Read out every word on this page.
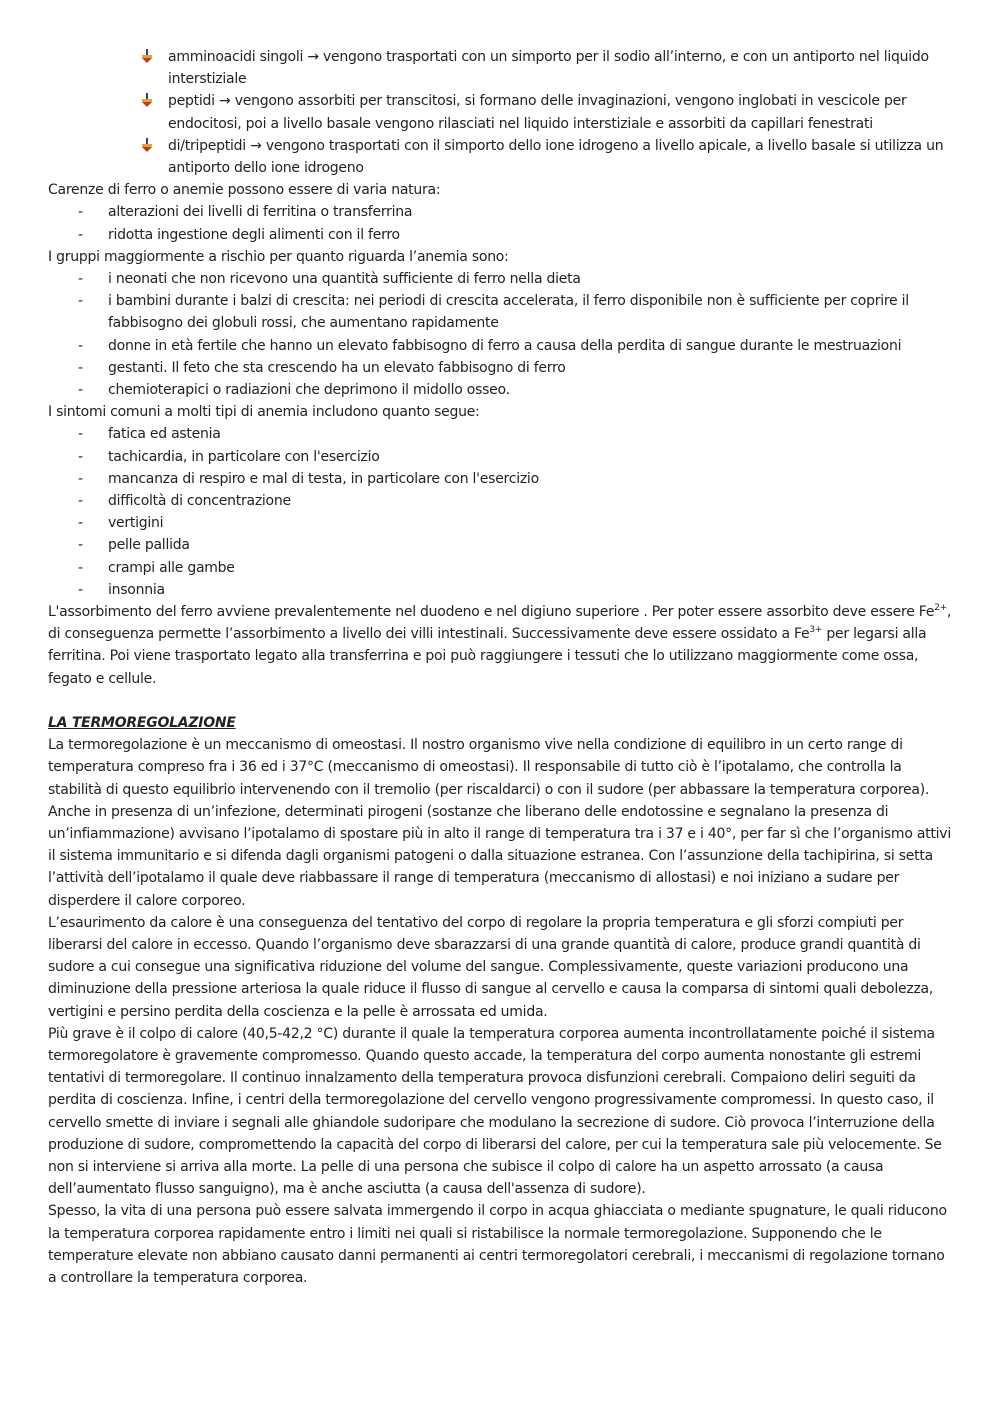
amminoacidi singoli → vengono trasportati con un simporto per il sodio all’interno, e con un antiporto nel liquido interstiziale
peptidi → vengono assorbiti per transcitosi, si formano delle invaginazioni, vengono inglobati in vescicole per endocitosi, poi a livello basale vengono rilasciati nel liquido interstiziale e assorbiti da capillari fenestrati
di/tripeptidi → vengono trasportati con il simporto dello ione idrogeno a livello apicale, a livello basale si utilizza un antiporto dello ione idrogeno

Carenze di ferro o anemie possono essere di varia natura:

-	alterazioni dei livelli di ferritina o transferrina
-	ridotta ingestione degli alimenti con il ferro

I gruppi maggiormente a rischio per quanto riguarda l’anemia sono:

-	i neonati che non ricevono una quantità sufficiente di ferro nella dieta
-	i bambini durante i balzi di crescita: nei periodi di crescita accelerata, il ferro disponibile non è sufficiente per coprire il fabbisogno dei globuli rossi, che aumentano rapidamente
-	donne in età fertile che hanno un elevato fabbisogno di ferro a causa della perdita di sangue durante le mestruazioni
-	gestanti. Il feto che sta crescendo ha un elevato fabbisogno di ferro
-	chemioterapici o radiazioni che deprimono il midollo osseo.

I sintomi comuni a molti tipi di anemia includono quanto segue:

-	fatica ed astenia
-	tachicardia, in particolare con l'esercizio
-	mancanza di respiro e mal di testa, in particolare con l'esercizio
-	difficoltà di concentrazione
-	vertigini
-	pelle pallida
-	crampi alle gambe
-	insonnia

L'assorbimento del ferro avviene prevalentemente nel duodeno e nel digiuno superiore . Per poter essere assorbito deve essere $Fe^{2+}$, di conseguenza permette l’assorbimento a livello dei villi intestinali. Successivamente deve essere ossidato a $Fe^{3+}$ per legarsi alla ferritina. Poi viene trasportato legato alla transferrina e poi può raggiungere i tessuti che lo utilizzano maggiormente come ossa, fegato e cellule.

LA TERMOREGOLAZIONE

La termoregolazione è un meccanismo di omeostasi. Il nostro organismo vive nella condizione di equilibro in un certo range di temperatura compreso fra i 36 ed i 37°C (meccanismo di omeostasi). Il responsabile di tutto ciò è l’ipotalamo, che controlla la stabilità di questo equilibrio intervenendo con il tremolio (per riscaldarci) o con il sudore (per abbassare la temperatura corporea).

Anche in presenza di un’infezione, determinati pirogeni (sostanze che liberano delle endotossine e segnalano la presenza di un’infiammazione) avvisano l’ipotalamo di spostare più in alto il range di temperatura tra i 37 e i 40°, per far sì che l’organismo attivi il sistema immunitario e si difenda dagli organismi patogeni o dalla situazione estranea. Con l’assunzione della tachipirina, si setta l’attività dell’ipotalamo il quale deve riabbassare il range di temperatura (meccanismo di allostasi) e noi iniziano a sudare per disperdere il calore corporeo.

L’esaurimento da calore è una conseguenza del tentativo del corpo di regolare la propria temperatura e gli sforzi compiuti per liberarsi del calore in eccesso. Quando l’organismo deve sbarazzarsi di una grande quantità di calore, produce grandi quantità di sudore a cui consegue una significativa riduzione del volume del sangue. Complessivamente, queste variazioni producono una diminuzione della pressione arteriosa la quale riduce il flusso di sangue al cervello e causa la comparsa di sintomi quali debolezza, vertigini e persino perdita della coscienza e la pelle è arrossata ed umida.

Più grave è il colpo di calore (40,5-42,2 °C) durante il quale la temperatura corporea aumenta incontrollatamente poiché il sistema termoregolatore è gravemente compromesso. Quando questo accade, la temperatura del corpo aumenta nonostante gli estremi tentativi di termoregolare. Il continuo innalzamento della temperatura provoca disfunzioni cerebrali. Compaiono deliri seguiti da perdita di coscienza. Infine, i centri della termoregolazione del cervello vengono progressivamente compromessi. In questo caso, il cervello smette di inviare i segnali alle ghiandole sudoripare che modulano la secrezione di sudore. Ciò provoca l’interruzione della produzione di sudore, compromettendo la capacità del corpo di liberarsi del calore, per cui la temperatura sale più velocemente. Se non si interviene si arriva alla morte. La pelle di una persona che subisce il colpo di calore ha un aspetto arrossato (a causa dell’aumentato flusso sanguigno), ma è anche asciutta (a causa dell'assenza di sudore).

Spesso, la vita di una persona può essere salvata immergendo il corpo in acqua ghiacciata o mediante spugnature, le quali riducono la temperatura corporea rapidamente entro i limiti nei quali si ristabilisce la normale termoregolazione. Supponendo che le temperature elevate non abbiano causato danni permanenti ai centri termoregolatori cerebrali, i meccanismi di regolazione tornano a controllare la temperatura corporea.
